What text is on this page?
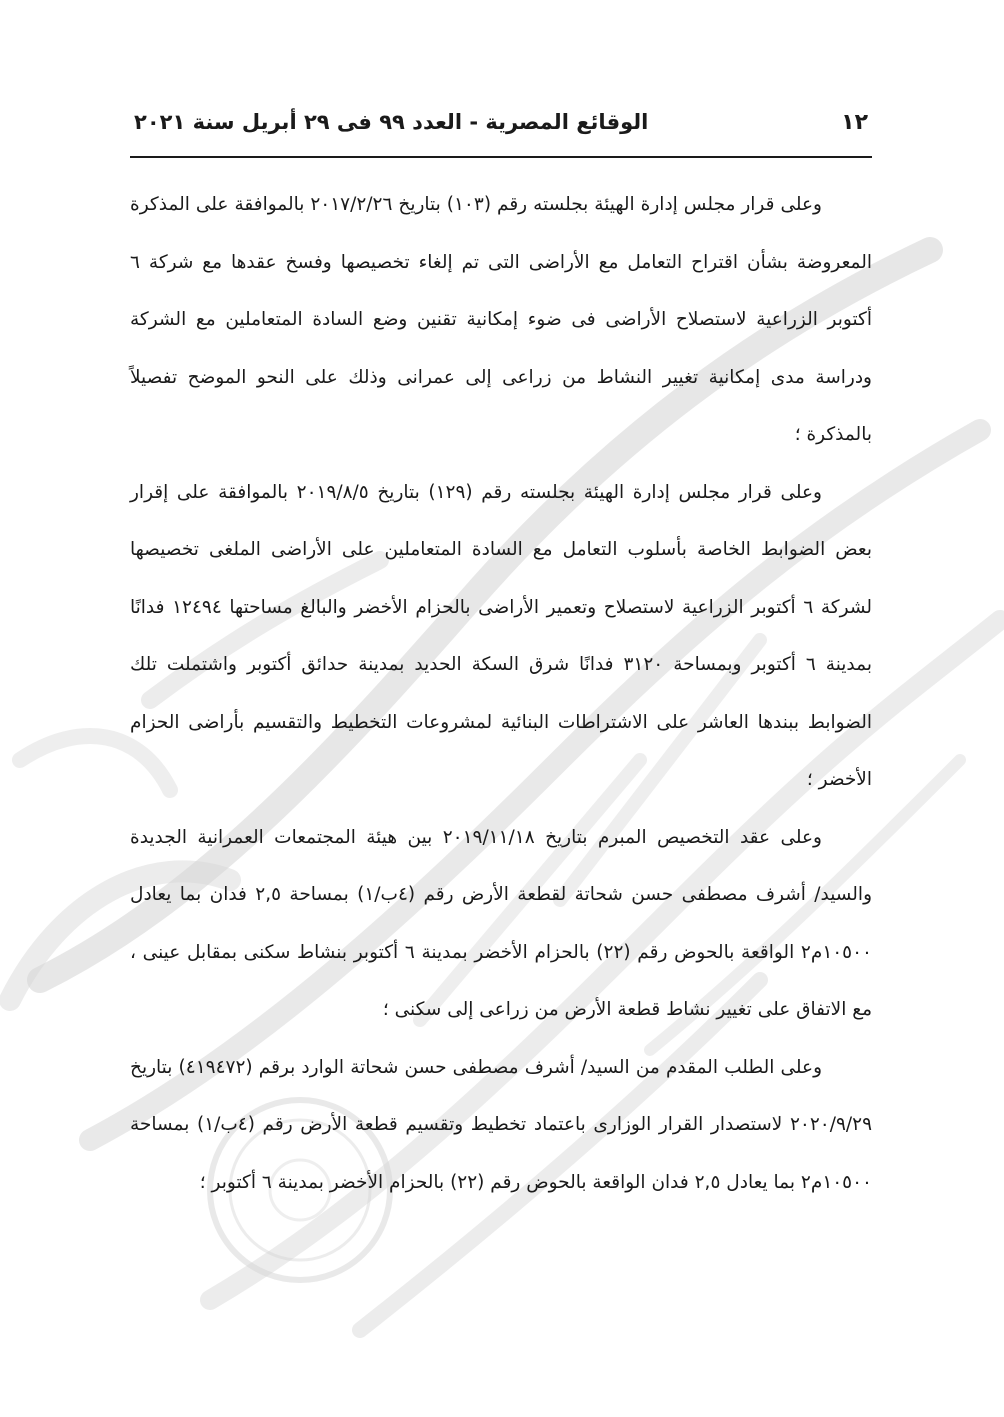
١٢
الوقائع المصرية - العدد ٩٩ فى ٢٩ أبريل سنة ٢٠٢١

وعلى قرار مجلس إدارة الهيئة بجلسته رقم (١٠٣) بتاريخ ٢٠١٧/٢/٢٦ بالموافقة على المذكرة المعروضة بشأن اقتراح التعامل مع الأراضى التى تم إلغاء تخصيصها وفسخ عقدها مع شركة ٦ أكتوبر الزراعية لاستصلاح الأراضى فى ضوء إمكانية تقنين وضع السادة المتعاملين مع الشركة ودراسة مدى إمكانية تغيير النشاط من زراعى إلى عمرانى وذلك على النحو الموضح تفصيلاً بالمذكرة ؛

وعلى قرار مجلس إدارة الهيئة بجلسته رقم (١٢٩) بتاريخ ٢٠١٩/٨/٥ بالموافقة على إقرار بعض الضوابط الخاصة بأسلوب التعامل مع السادة المتعاملين على الأراضى الملغى تخصيصها لشركة ٦ أكتوبر الزراعية لاستصلاح وتعمير الأراضى بالحزام الأخضر والبالغ مساحتها ١٢٤٩٤ فدانًا بمدينة ٦ أكتوبر وبمساحة ٣١٢٠ فدانًا شرق السكة الحديد بمدينة حدائق أكتوبر واشتملت تلك الضوابط ببندها العاشر على الاشتراطات البنائية لمشروعات التخطيط والتقسيم بأراضى الحزام الأخضر ؛

وعلى عقد التخصيص المبرم بتاريخ ٢٠١٩/١١/١٨ بين هيئة المجتمعات العمرانية الجديدة والسيد/ أشرف مصطفى حسن شحاتة لقطعة الأرض رقم (٤ب/١) بمساحة ٢,٥ فدان بما يعادل ١٠٥٠٠م٢ الواقعة بالحوض رقم (٢٢) بالحزام الأخضر بمدينة ٦ أكتوبر بنشاط سكنى بمقابل عينى ، مع الاتفاق على تغيير نشاط قطعة الأرض من زراعى إلى سكنى ؛

وعلى الطلب المقدم من السيد/ أشرف مصطفى حسن شحاتة الوارد برقم (٤١٩٤٧٢) بتاريخ ٢٠٢٠/٩/٢٩ لاستصدار القرار الوزارى باعتماد تخطيط وتقسيم قطعة الأرض رقم (٤ب/١) بمساحة ١٠٥٠٠م٢ بما يعادل ٢,٥ فدان الواقعة بالحوض رقم (٢٢) بالحزام الأخضر بمدينة ٦ أكتوبر ؛
